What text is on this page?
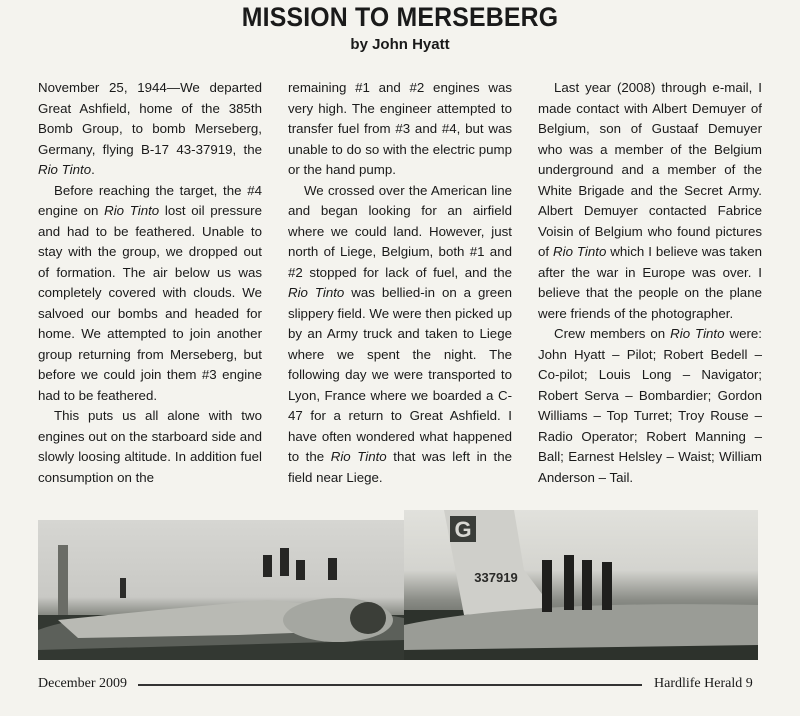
MISSION TO MERSEBERG
by John Hyatt

November 25, 1944—We departed Great Ashfield, home of the 385th Bomb Group, to bomb Merseberg, Germany, flying B-17 43-37919, the Rio Tinto.

Before reaching the target, the #4 engine on Rio Tinto lost oil pressure and had to be feathered. Unable to stay with the group, we dropped out of formation. The air below us was completely covered with clouds. We salvoed our bombs and headed for home. We attempted to join another group returning from Merseberg, but before we could join them #3 engine had to be feathered.

This puts us all alone with two engines out on the starboard side and slowly loosing altitude. In addition fuel consumption on the

remaining #1 and #2 engines was very high. The engineer attempted to transfer fuel from #3 and #4, but was unable to do so with the electric pump or the hand pump.

We crossed over the American line and began looking for an airfield where we could land. However, just north of Liege, Belgium, both #1 and #2 stopped for lack of fuel, and the Rio Tinto was bellied-in on a green slippery field. We were then picked up by an Army truck and taken to Liege where we spent the night. The following day we were transported to Lyon, France where we boarded a C-47 for a return to Great Ashfield. I have often wondered what happened to the Rio Tinto that was left in the field near Liege.

Last year (2008) through e-mail, I made contact with Albert Demuyer of Belgium, son of Gustaaf Demuyer who was a member of the Belgium underground and a member of the White Brigade and the Secret Army. Albert Demuyer contacted Fabrice Voisin of Belgium who found pictures of Rio Tinto which I believe was taken after the war in Europe was over. I believe that the people on the plane were friends of the photographer.

Crew members on Rio Tinto were: John Hyatt – Pilot; Robert Bedell – Co-pilot; Louis Long – Navigator; Robert Serva – Bombardier; Gordon Williams – Top Turret; Troy Rouse – Radio Operator; Robert Manning – Ball; Earnest Helsley – Waist; William Anderson – Tail.

G
337919
December 2009	Hardlife Herald 9
